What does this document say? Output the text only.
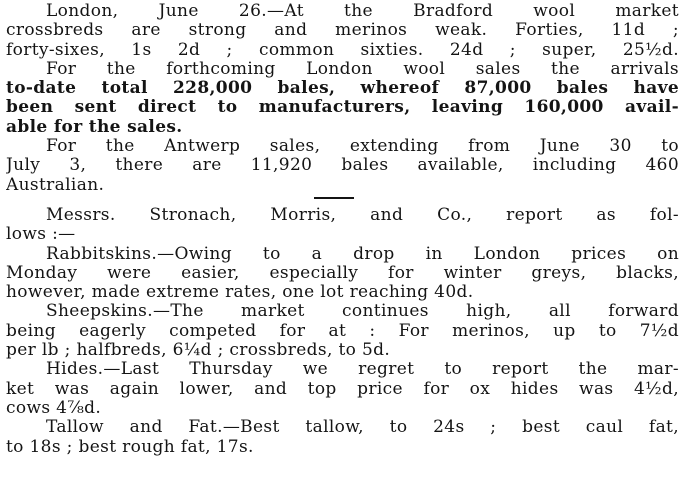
London, June 26.—At the Bradford wool market
crossbreds are strong and merinos weak. Forties, 11d ;
forty-sixes, 1s 2d ; common sixties. 24d ; super, 25½d.
For the forthcoming London wool sales the arrivals
to-date total 228,000 bales, whereof 87,000 bales have
been sent direct to manufacturers, leaving 160,000 avail-
able for the sales.
For the Antwerp sales, extending from June 30 to
July 3, there are 11,920 bales available, including 460
Australian.
Messrs. Stronach, Morris, and Co., report as fol-
lows :—
Rabbitskins.—Owing to a drop in London prices on
Monday were easier, especially for winter greys, blacks,
however, made extreme rates, one lot reaching 40d.
Sheepskins.—The market continues high, all forward
being eagerly competed for at : For merinos, up to 7½d
per lb ; halfbreds, 6¼d ; crossbreds, to 5d.
Hides.—Last Thursday we regret to report the mar-
ket was again lower, and top price for ox hides was 4½d,
cows 4⅞d.
Tallow and Fat.—Best tallow, to 24s ; best caul fat,
to 18s ; best rough fat, 17s.
